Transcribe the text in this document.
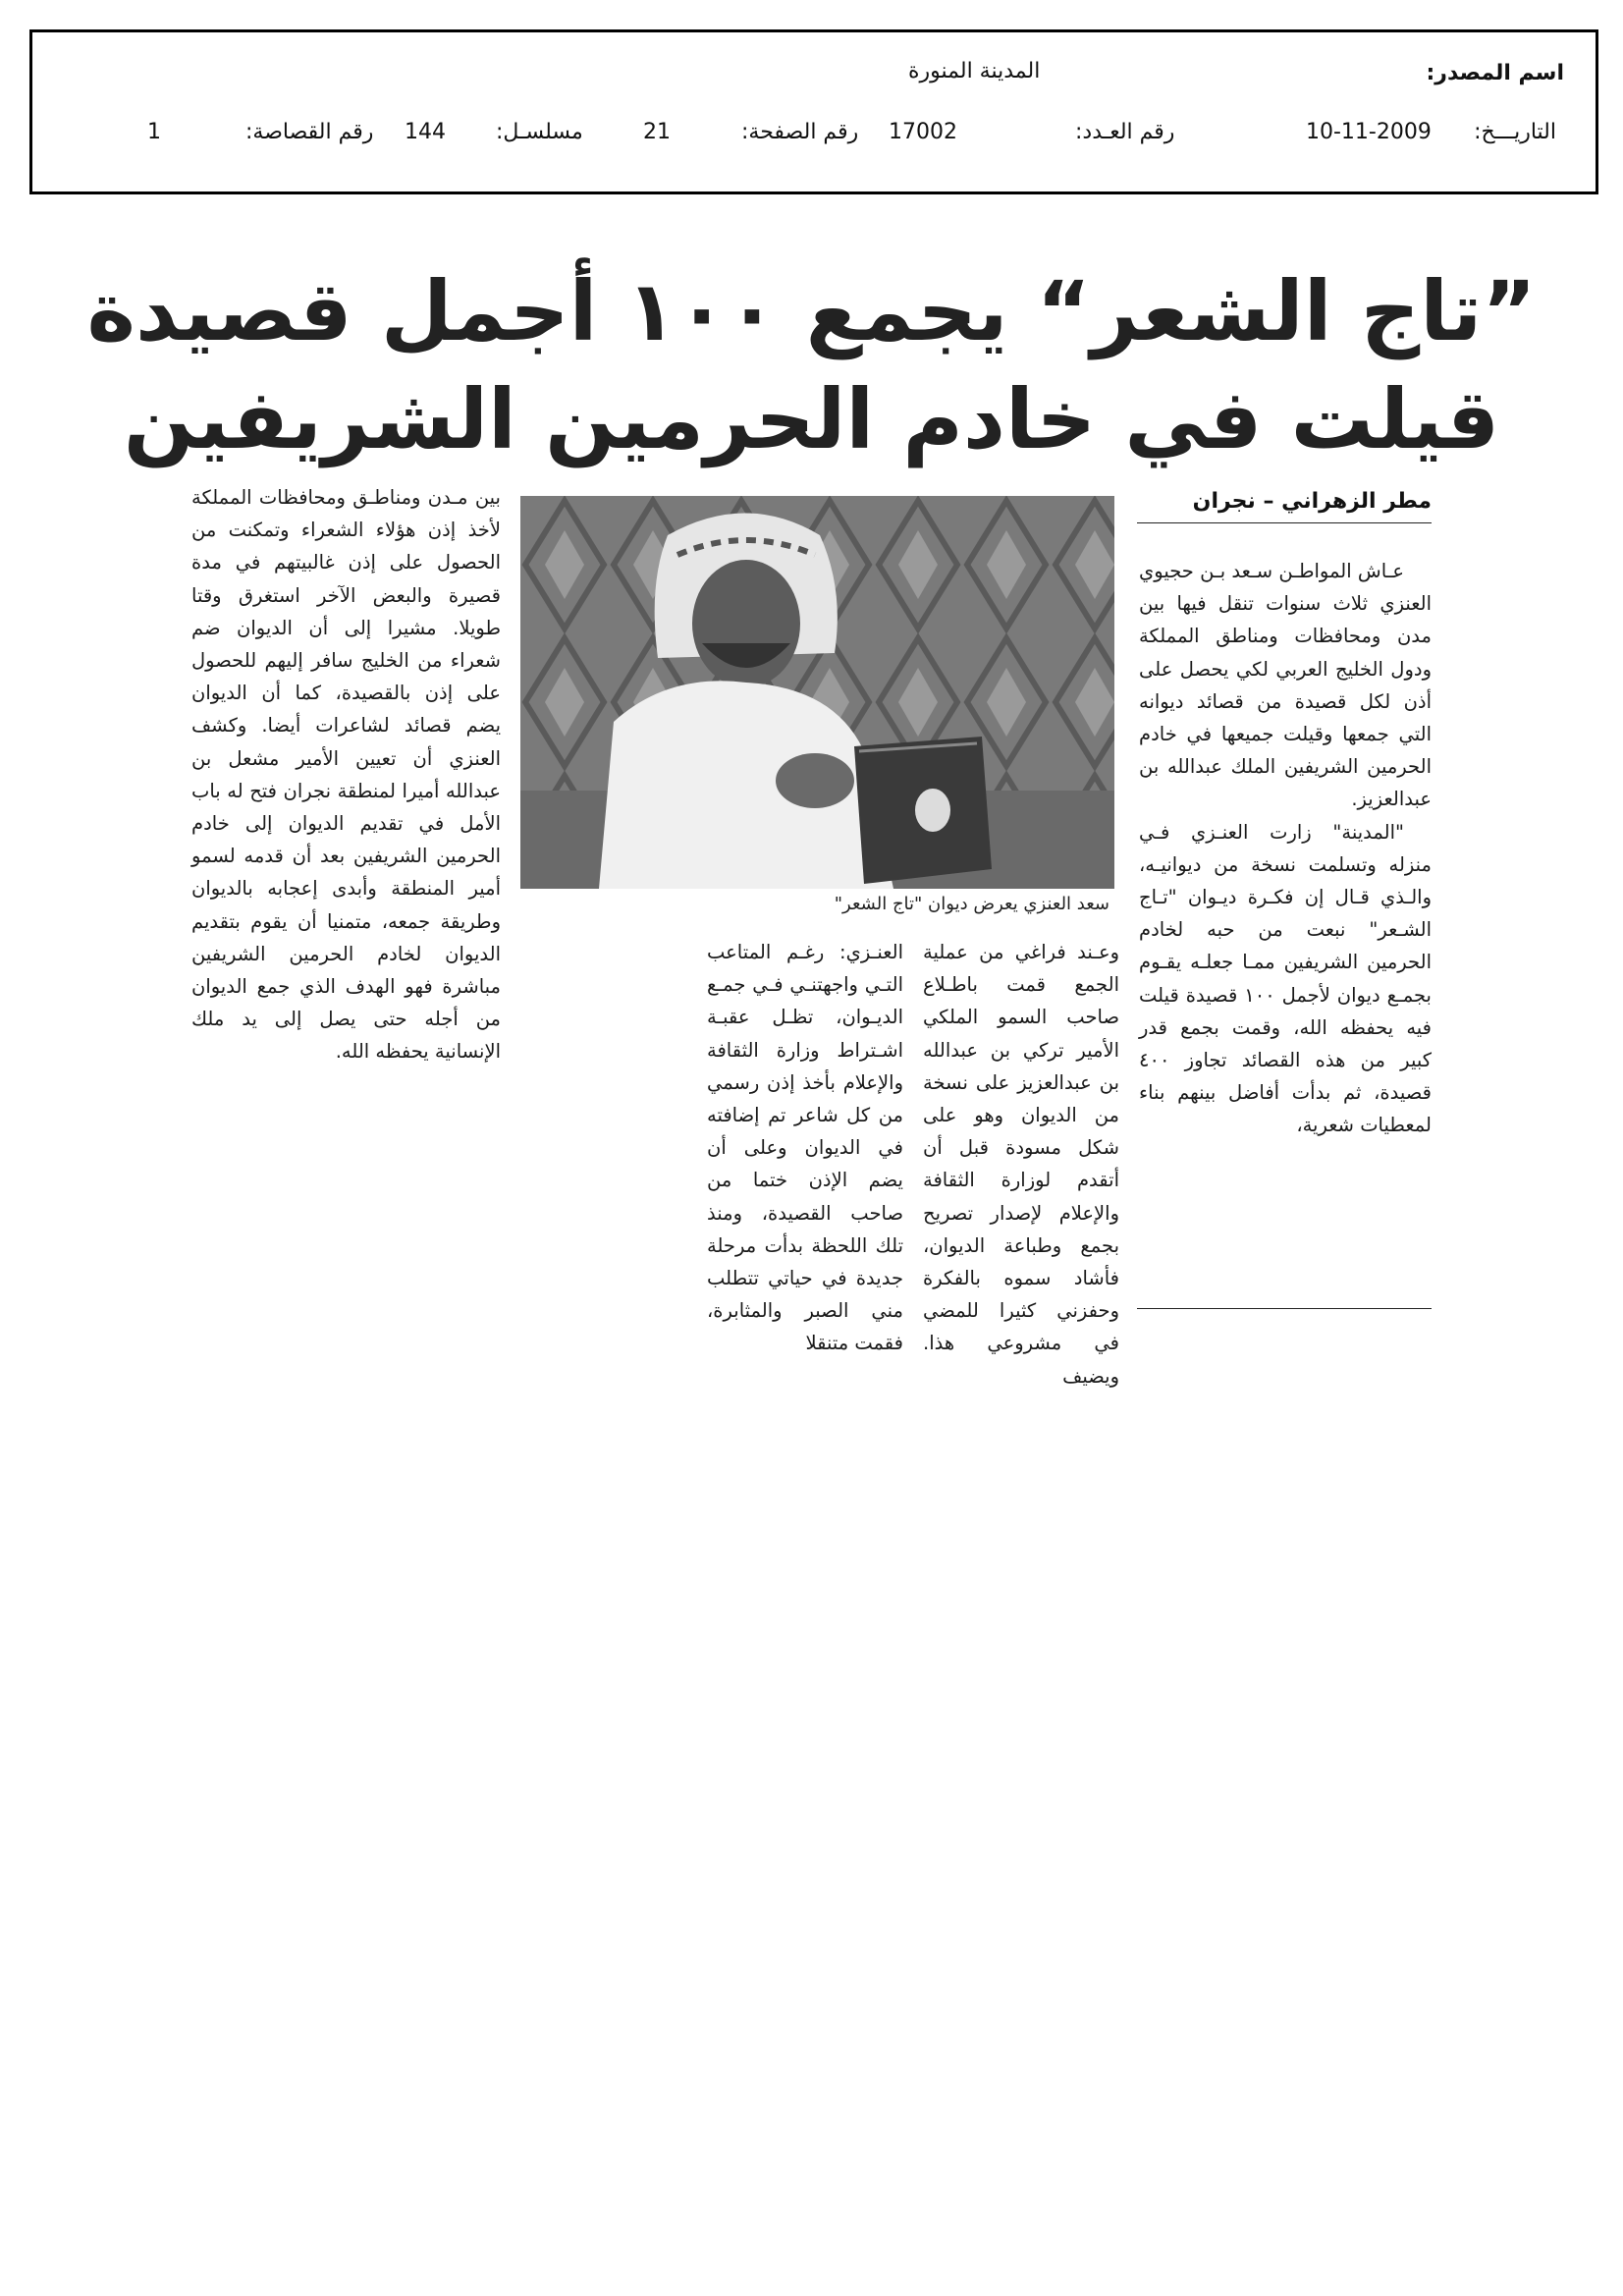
اسم المصدر:
المدينة المنورة
التاريـــخ:
10-11-2009
رقم العـدد:
17002
رقم الصفحة:
21
مسلسـل:
144
رقم القصاصة:
1
”تاج الشعر“ يجمع ١٠٠ أجمل قصيدة
قيلت في خادم الحرمين الشريفين
مطر الزهراني – نجران

عـاش المواطـن سـعد بـن حجيوي العنزي ثلاث سنوات تنقل فيها بين مدن ومحافظات ومناطق المملكة ودول الخليج العربي لكي يحصل على أذن لكل قصيدة من قصائد ديوانه التي جمعها وقيلت جميعها في خادم الحرمين الشريفين الملك عبدالله بن عبدالعزيز.

"المدينة" زارت العنـزي فـي منزله وتسلمت نسخة من ديوانيـه، والـذي قـال إن فكـرة ديـوان "تـاج الشـعر" نبعت من حبه لخادم الحرمين الشريفين ممـا جعلـه يقـوم بجمـع ديوان لأجمل ١٠٠ قصيدة قيلت فيه يحفظه الله، وقمت بجمع قدر كبير من هذه القصائد تجاوز ٤٠٠ قصيدة، ثم بدأت أفاضل بينهم بناء لمعطيات شعرية،

سعد العنزي يعرض ديوان "تاج الشعر"

وعـند فراغي من عملية الجمع قمت باطـلاع صاحب السمو الملكي الأمير تركي بن عبدالله بن عبدالعزيز على نسخة من الديوان وهو على شكل مسودة قبل أن أتقدم لوزارة الثقافة والإعلام لإصدار تصريح بجمع وطباعة الديوان، فأشاد سموه بالفكرة وحفزني كثيرا للمضي في مشروعي هذا. ويضيف

العنـزي: رغـم المتاعب التـي واجهتنـي فـي جمـع الديـوان، تظـل عقبـة اشـتراط وزارة الثقافة والإعلام بأخذ إذن رسمي من كل شاعر تم إضافته في الديوان وعلى أن يضم الإذن ختما من صاحب القصيدة، ومنذ تلك اللحظة بدأت مرحلة جديدة في حياتي تتطلب مني الصبر والمثابرة، فقمت متنقلا

بين مـدن ومناطـق ومحافظات المملكة لأخذ إذن هؤلاء الشعراء وتمكنت من الحصول على إذن غالبيتهم في مدة قصيرة والبعض الآخر استغرق وقتا طويلا. مشيرا إلى أن الديوان ضم شعراء من الخليج سافر إليهم للحصول على إذن بالقصيدة، كما أن الديوان يضم قصائد لشاعرات أيضا. وكشف العنزي أن تعيين الأمير مشعل بن عبدالله أميرا لمنطقة نجران فتح له باب الأمل في تقديم الديوان إلى خادم الحرمين الشريفين بعد أن قدمه لسمو أمير المنطقة وأبدى إعجابه بالديوان وطريقة جمعه، متمنيا أن يقوم بتقديم الديوان لخادم الحرمين الشريفين مباشرة فهو الهدف الذي جمع الديوان من أجله حتى يصل إلى يد ملك الإنسانية يحفظه الله.
